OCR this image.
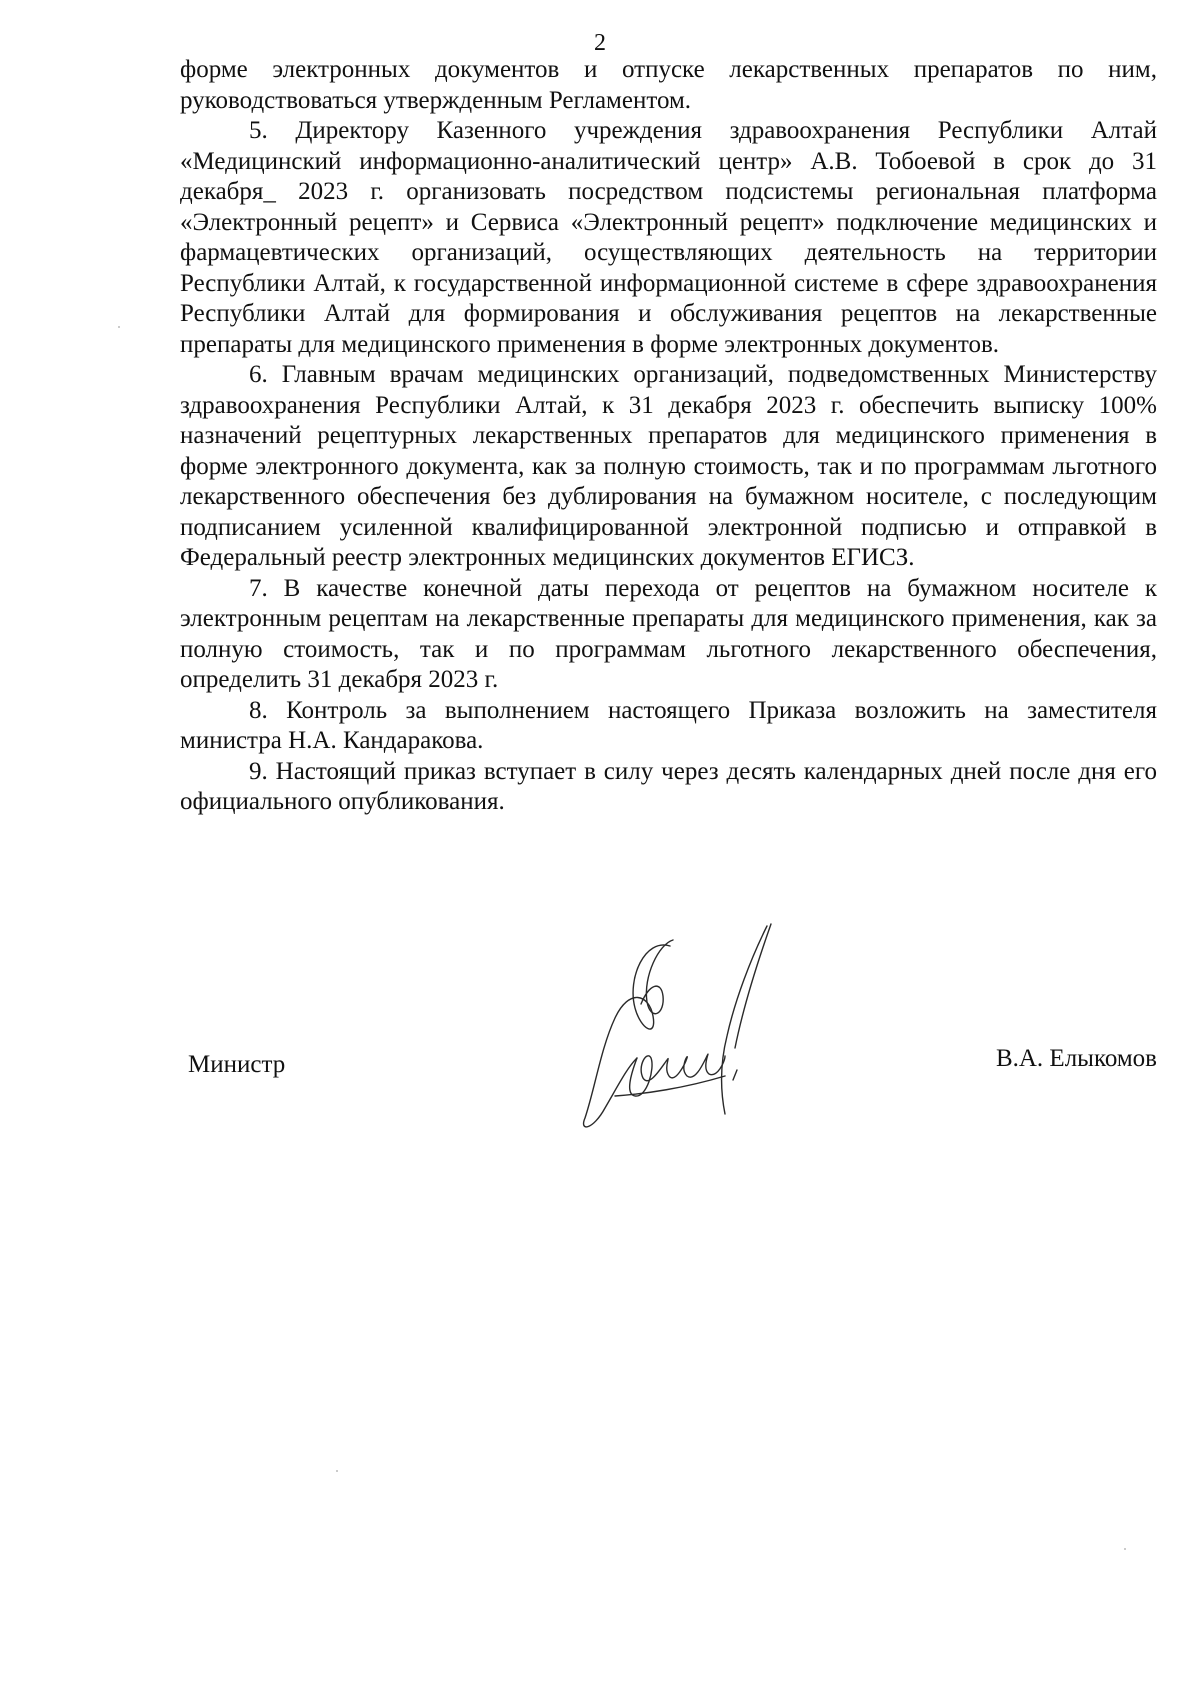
2

форме электронных документов и отпуске лекарственных препаратов по ним, руководствоваться утвержденным Регламентом.

5. Директору Казенного учреждения здравоохранения Республики Алтай «Медицинский информационно-аналитический центр» А.В. Тобоевой в срок до 31 декабря_ 2023 г. организовать посредством подсистемы региональная платформа «Электронный рецепт» и Сервиса «Электронный рецепт» подключение медицинских и фармацевтических организаций, осуществляющих деятельность на территории Республики Алтай, к государственной информационной системе в сфере здравоохранения Республики Алтай для формирования и обслуживания рецептов на лекарственные препараты для медицинского применения в форме электронных документов.

6. Главным врачам медицинских организаций, подведомственных Министерству здравоохранения Республики Алтай, к 31 декабря 2023 г. обеспечить выписку 100% назначений рецептурных лекарственных препаратов для медицинского применения в форме электронного документа, как за полную стоимость, так и по программам льготного лекарственного обеспечения без дублирования на бумажном носителе, с последующим подписанием усиленной квалифицированной электронной подписью и отправкой в Федеральный реестр электронных медицинских документов ЕГИСЗ.

7. В качестве конечной даты перехода от рецептов на бумажном носителе к электронным рецептам на лекарственные препараты для медицинского применения, как за полную стоимость, так и по программам льготного лекарственного обеспечения, определить 31 декабря 2023 г.

8. Контроль за выполнением настоящего Приказа возложить на заместителя министра Н.А. Кандаракова.

9. Настоящий приказ вступает в силу через десять календарных дней после дня его официального опубликования.

Министр	В.А. Елыкомов
